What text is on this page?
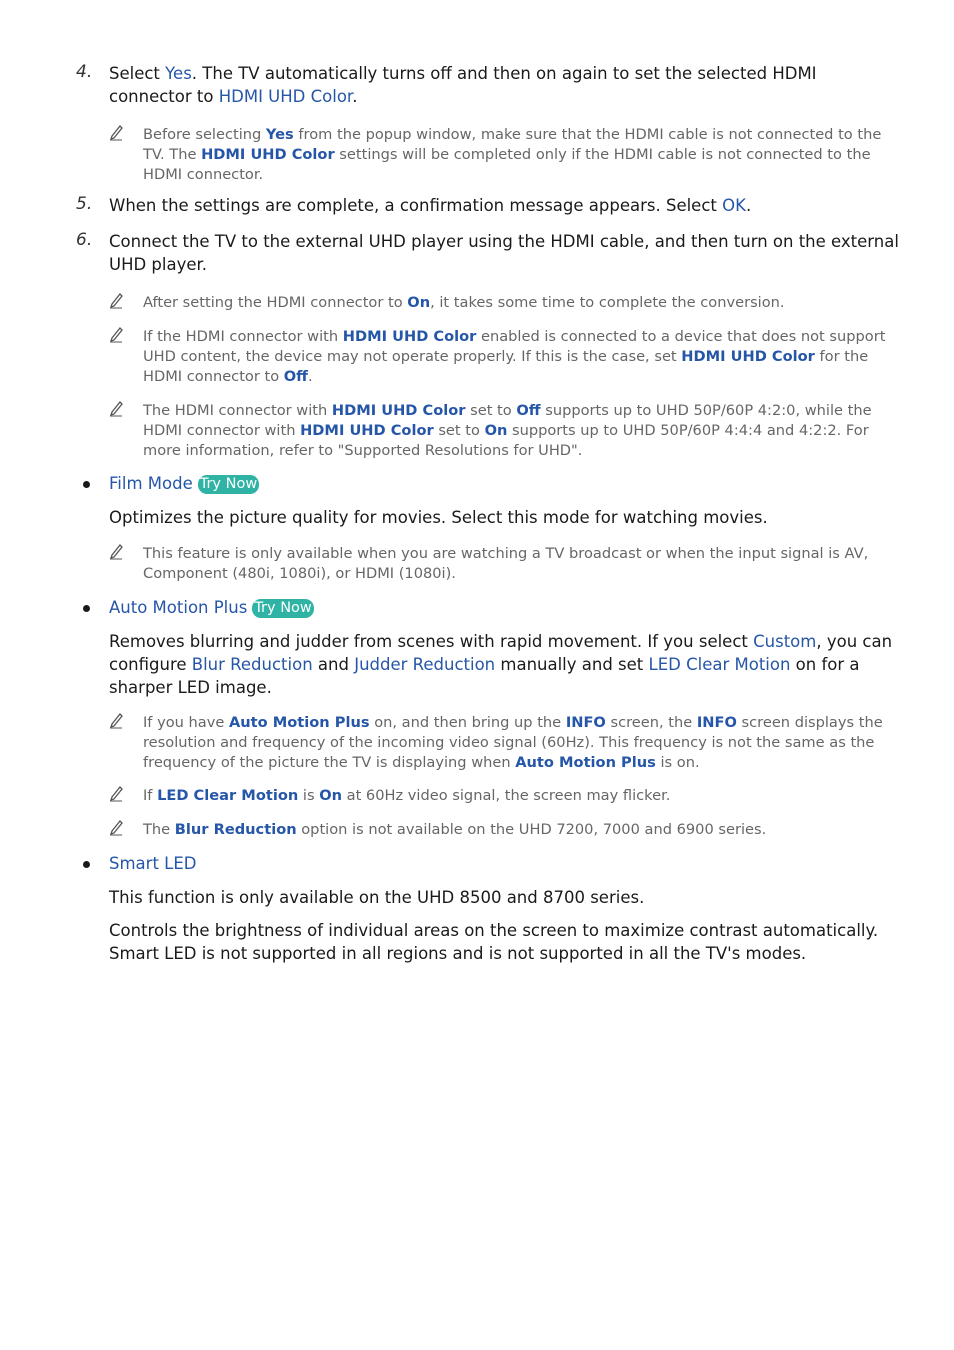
4. Select Yes. The TV automatically turns off and then on again to set the selected HDMI connector to HDMI UHD Color.
Before selecting Yes from the popup window, make sure that the HDMI cable is not connected to the TV. The HDMI UHD Color settings will be completed only if the HDMI cable is not connected to the HDMI connector.
5. When the settings are complete, a confirmation message appears. Select OK.
6. Connect the TV to the external UHD player using the HDMI cable, and then turn on the external UHD player.
After setting the HDMI connector to On, it takes some time to complete the conversion.
If the HDMI connector with HDMI UHD Color enabled is connected to a device that does not support UHD content, the device may not operate properly. If this is the case, set HDMI UHD Color for the HDMI connector to Off.
The HDMI connector with HDMI UHD Color set to Off supports up to UHD 50P/60P 4:2:0, while the HDMI connector with HDMI UHD Color set to On supports up to UHD 50P/60P 4:4:4 and 4:2:2. For more information, refer to "Supported Resolutions for UHD".
Film Mode Try Now
Optimizes the picture quality for movies. Select this mode for watching movies.
This feature is only available when you are watching a TV broadcast or when the input signal is AV, Component (480i, 1080i), or HDMI (1080i).
Auto Motion Plus Try Now
Removes blurring and judder from scenes with rapid movement. If you select Custom, you can configure Blur Reduction and Judder Reduction manually and set LED Clear Motion on for a sharper LED image.
If you have Auto Motion Plus on, and then bring up the INFO screen, the INFO screen displays the resolution and frequency of the incoming video signal (60Hz). This frequency is not the same as the frequency of the picture the TV is displaying when Auto Motion Plus is on.
If LED Clear Motion is On at 60Hz video signal, the screen may flicker.
The Blur Reduction option is not available on the UHD 7200, 7000 and 6900 series.
Smart LED
This function is only available on the UHD 8500 and 8700 series.
Controls the brightness of individual areas on the screen to maximize contrast automatically. Smart LED is not supported in all regions and is not supported in all the TV's modes.
